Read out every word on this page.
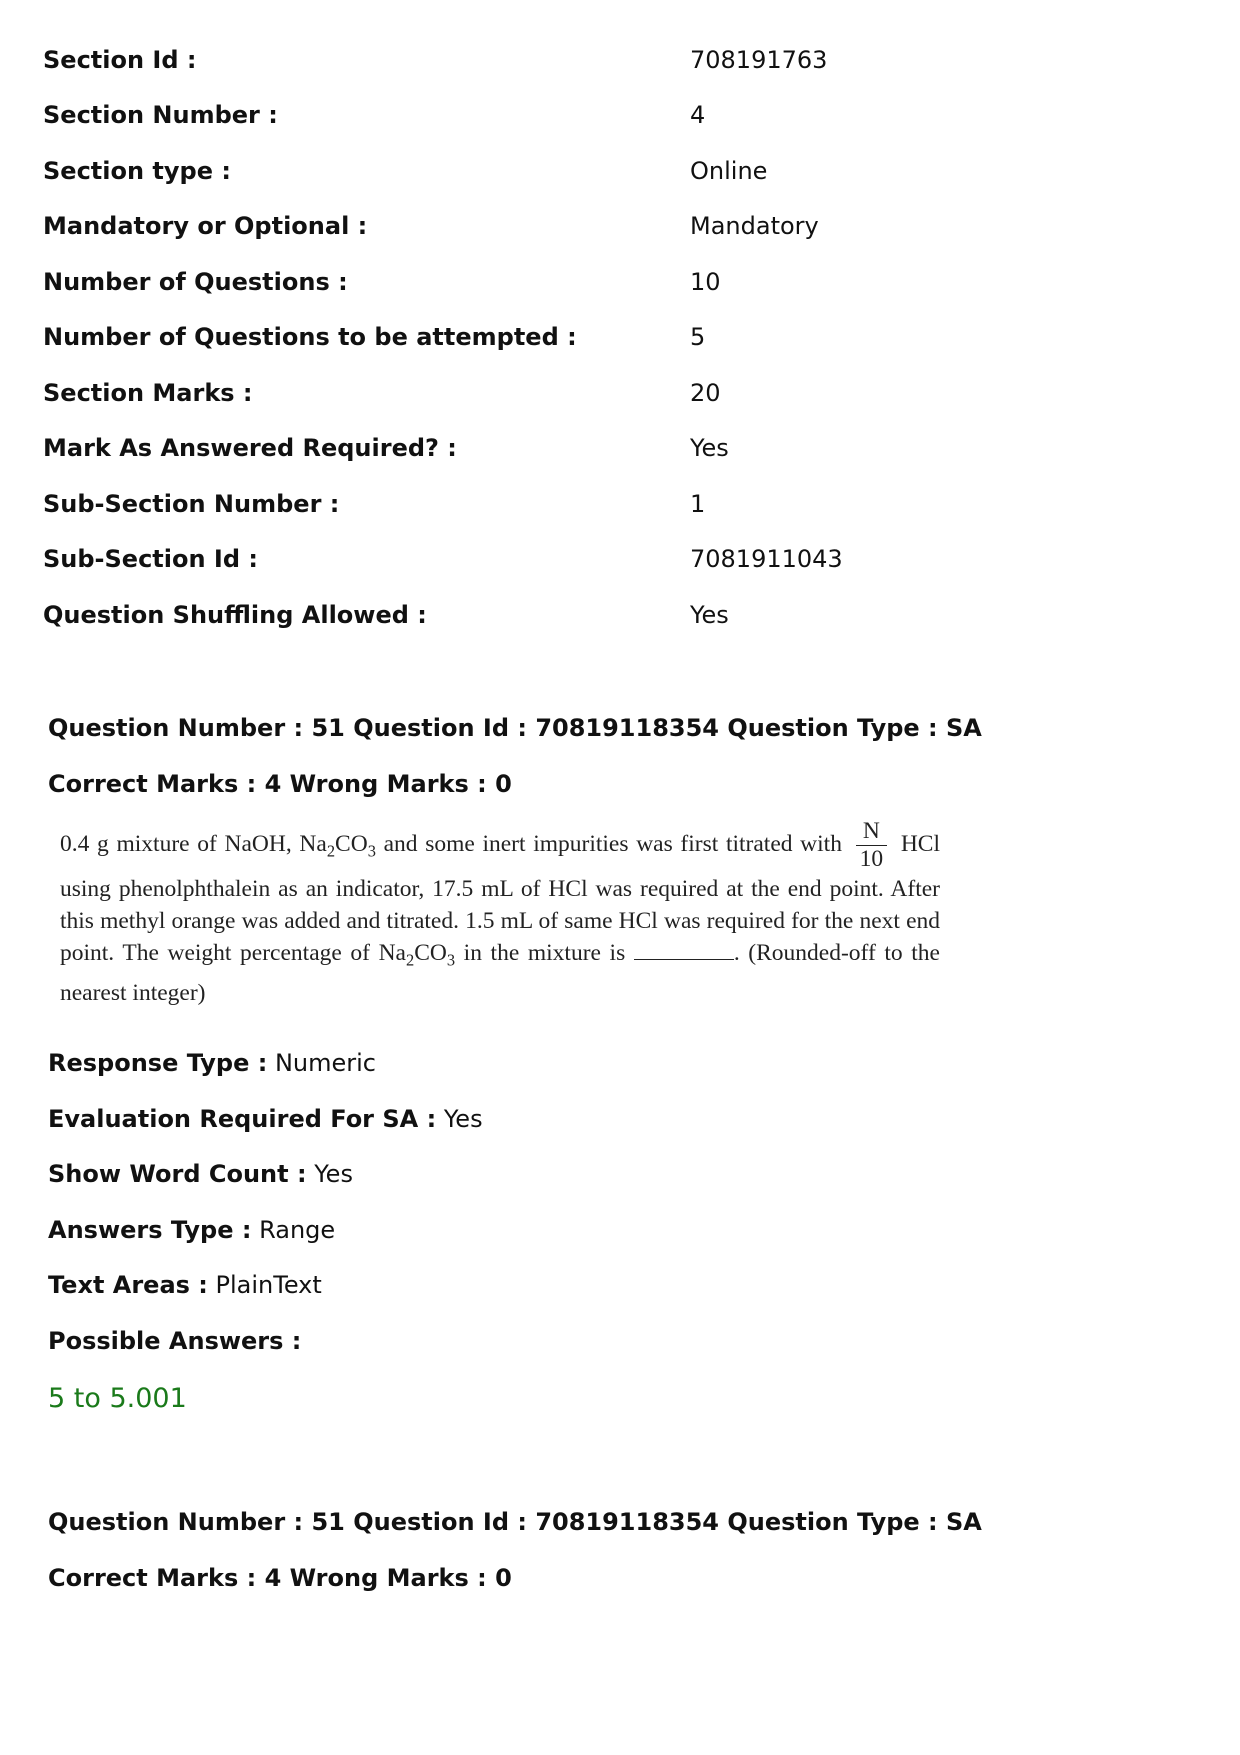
Section Id :	708191763
Section Number :	4
Section type :	Online
Mandatory or Optional :	Mandatory
Number of Questions :	10
Number of Questions to be attempted :	5
Section Marks :	20
Mark As Answered Required? :	Yes
Sub-Section Number :	1
Sub-Section Id :	7081911043
Question Shuffling Allowed :	Yes
Question Number : 51 Question Id : 70819118354 Question Type : SA
Correct Marks : 4 Wrong Marks : 0

0.4 g mixture of NaOH, $Na_2CO_3$ and some inert impurities was first titrated with $\frac{N}{10}$ HCl using phenolphthalein as an indicator, 17.5 mL of HCl was required at the end point. After this methyl orange was added and titrated. 1.5 mL of same HCl was required for the next end point. The weight percentage of $Na_2CO_3$ in the mixture is	. (Rounded-off to the nearest integer)

Response Type : Numeric
Evaluation Required For SA : Yes
Show Word Count : Yes
Answers Type : Range
Text Areas : PlainText
Possible Answers :
5 to 5.001
Question Number : 51 Question Id : 70819118354 Question Type : SA
Correct Marks : 4 Wrong Marks : 0
